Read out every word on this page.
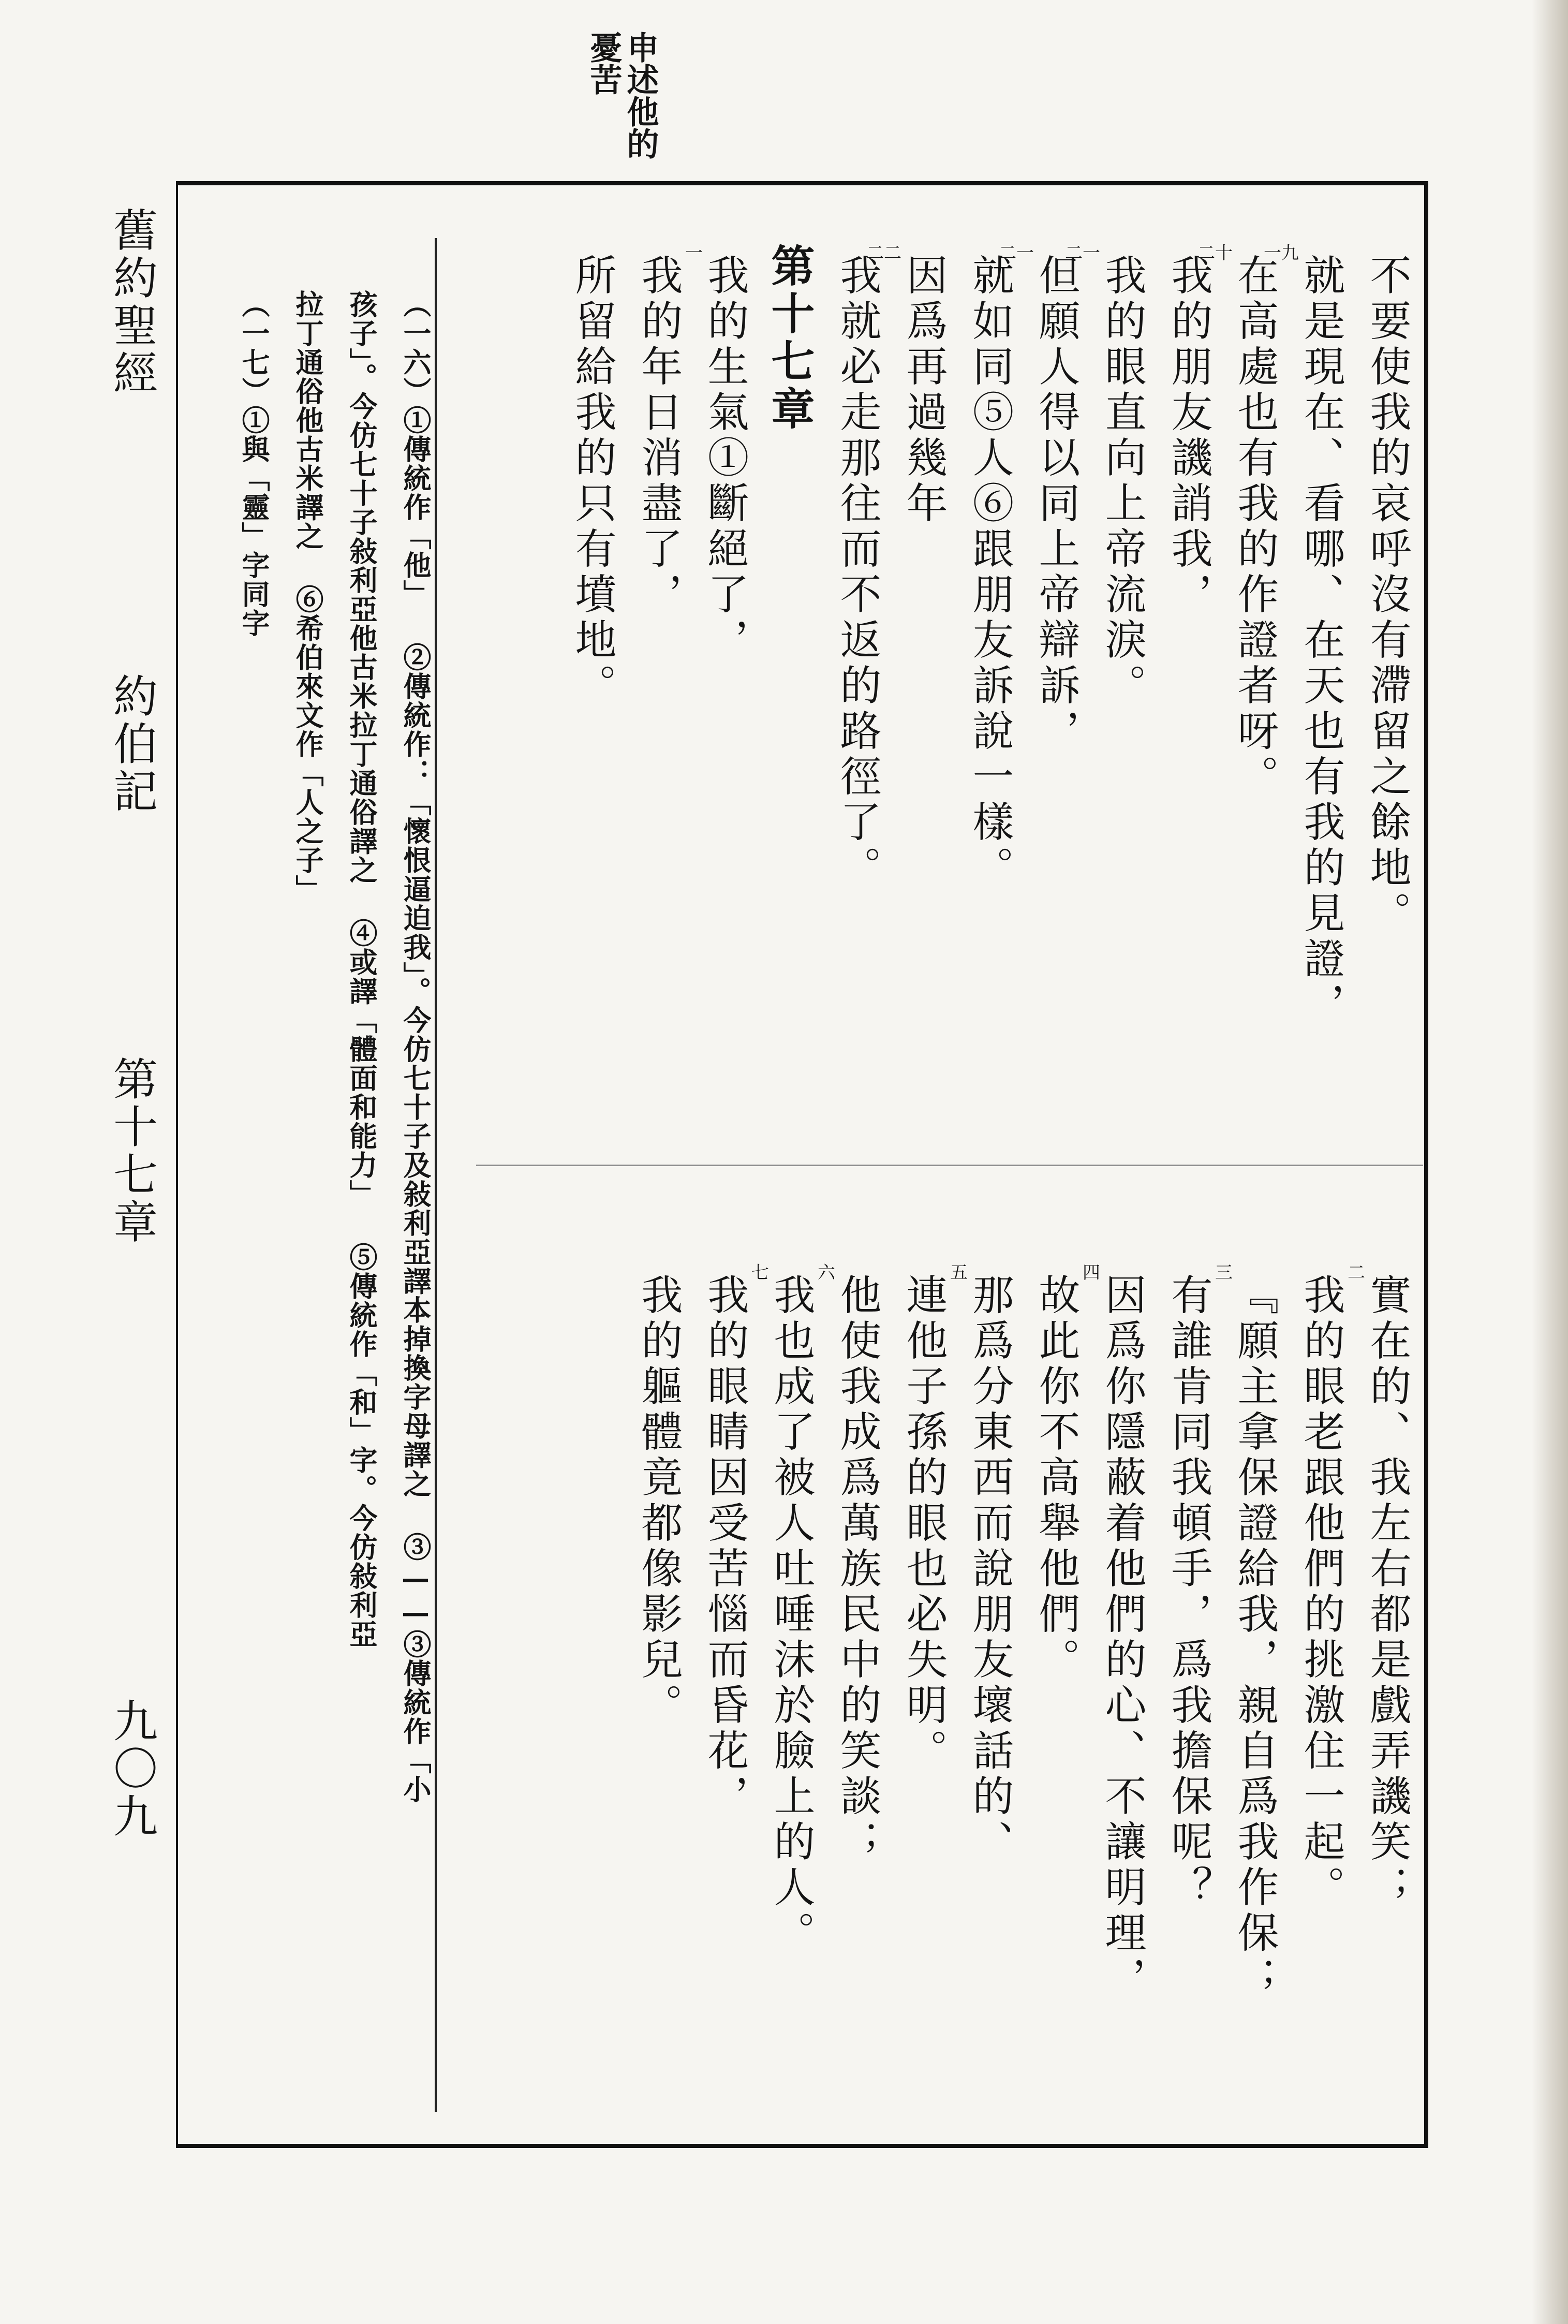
申述他的
憂苦
舊約聖經
約伯記
第十七章
九〇九
不要使我的哀呼沒有滯留之餘地。
一九
就是現在、看哪、在天也有我的見證，
二十
在高處也有我的作證者呀。
我的朋友譏誚我，
二一
我的眼直向上帝流淚。
二一
但願人得以同上帝辯訴，
就如同⑤人⑥跟朋友訴說一樣。
二二
因爲再過幾年
我就必走那往而不返的路徑了。
第十七章
一
我的生氣①斷絕了，
我的年日消盡了，
所留給我的只有墳地。
二
實在的、我左右都是戲弄譏笑；
我的眼老跟他們的挑激住一起。
三
『願主拿保證給我，親自爲我作保；
有誰肯同我頓手，爲我擔保呢？
四
因爲你隱蔽着他們的心、不讓明理，
故此你不高舉他們。
五
那爲分東西而說朋友壞話的、
連他子孫的眼也必失明。
六
他使我成爲萬族民中的笑談；
七
我也成了被人吐唾沫於臉上的人。
我的眼睛因受苦惱而昏花，
我的軀體竟都像影兒。
（一六）①傳統作「他」 ②傳統作：「懷恨逼迫我」。今仿七十子及敍利亞譯本掉換字母譯之 ③——③傳統作「小
孩子」。今仿七十子敍利亞他古米拉丁通俗譯之 ④或譯「體面和能力」 ⑤傳統作「和」字。今仿敍利亞
拉丁通俗他古米譯之 ⑥希伯來文作「人之子」
（一七）①與「靈」字同字
